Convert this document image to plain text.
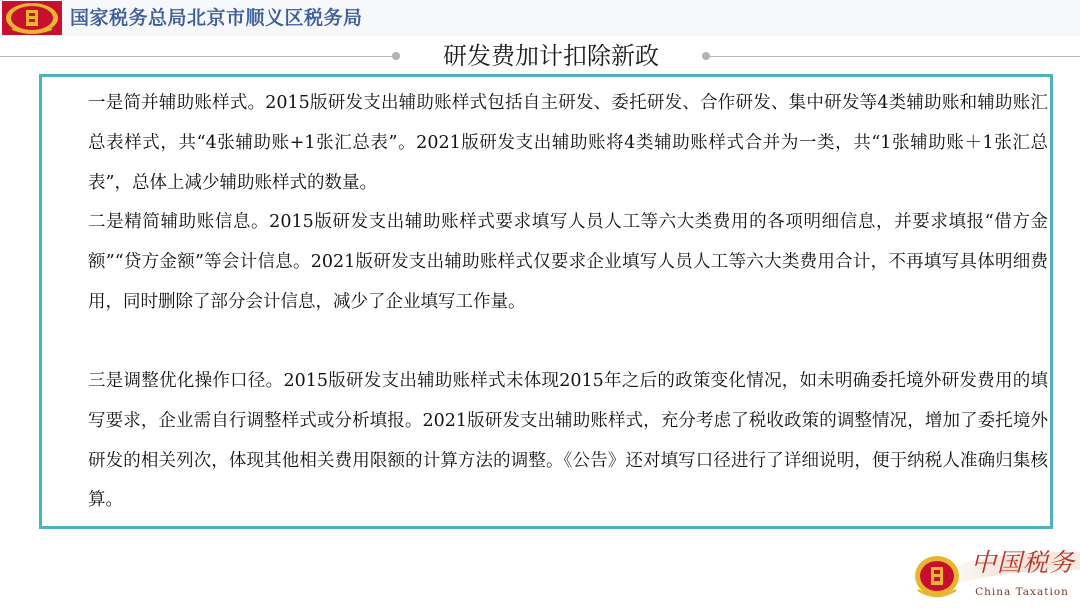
国家税务总局北京市顺义区税务局
研发费加计扣除新政

一是简并辅助账样式。2015版研发支出辅助账样式包括自主研发、委托研发、合作研发、集中研发等4类辅助账和辅助账汇总表样式，共“4张辅助账+1张汇总表”。2021版研发支出辅助账将4类辅助账样式合并为一类，共“1张辅助账＋1张汇总表”，总体上减少辅助账样式的数量。

二是精简辅助账信息。2015版研发支出辅助账样式要求填写人员人工等六大类费用的各项明细信息，并要求填报“借方金额”“贷方金额”等会计信息。2021版研发支出辅助账样式仅要求企业填写人员人工等六大类费用合计，不再填写具体明细费用，同时删除了部分会计信息，减少了企业填写工作量。

三是调整优化操作口径。2015版研发支出辅助账样式未体现2015年之后的政策变化情况，如未明确委托境外研发费用的填写要求，企业需自行调整样式或分析填报。2021版研发支出辅助账样式，充分考虑了税收政策的调整情况，增加了委托境外研发的相关列次，体现其他相关费用限额的计算方法的调整。《公告》还对填写口径进行了详细说明，便于纳税人准确归集核算。

中国税务
China Taxation
